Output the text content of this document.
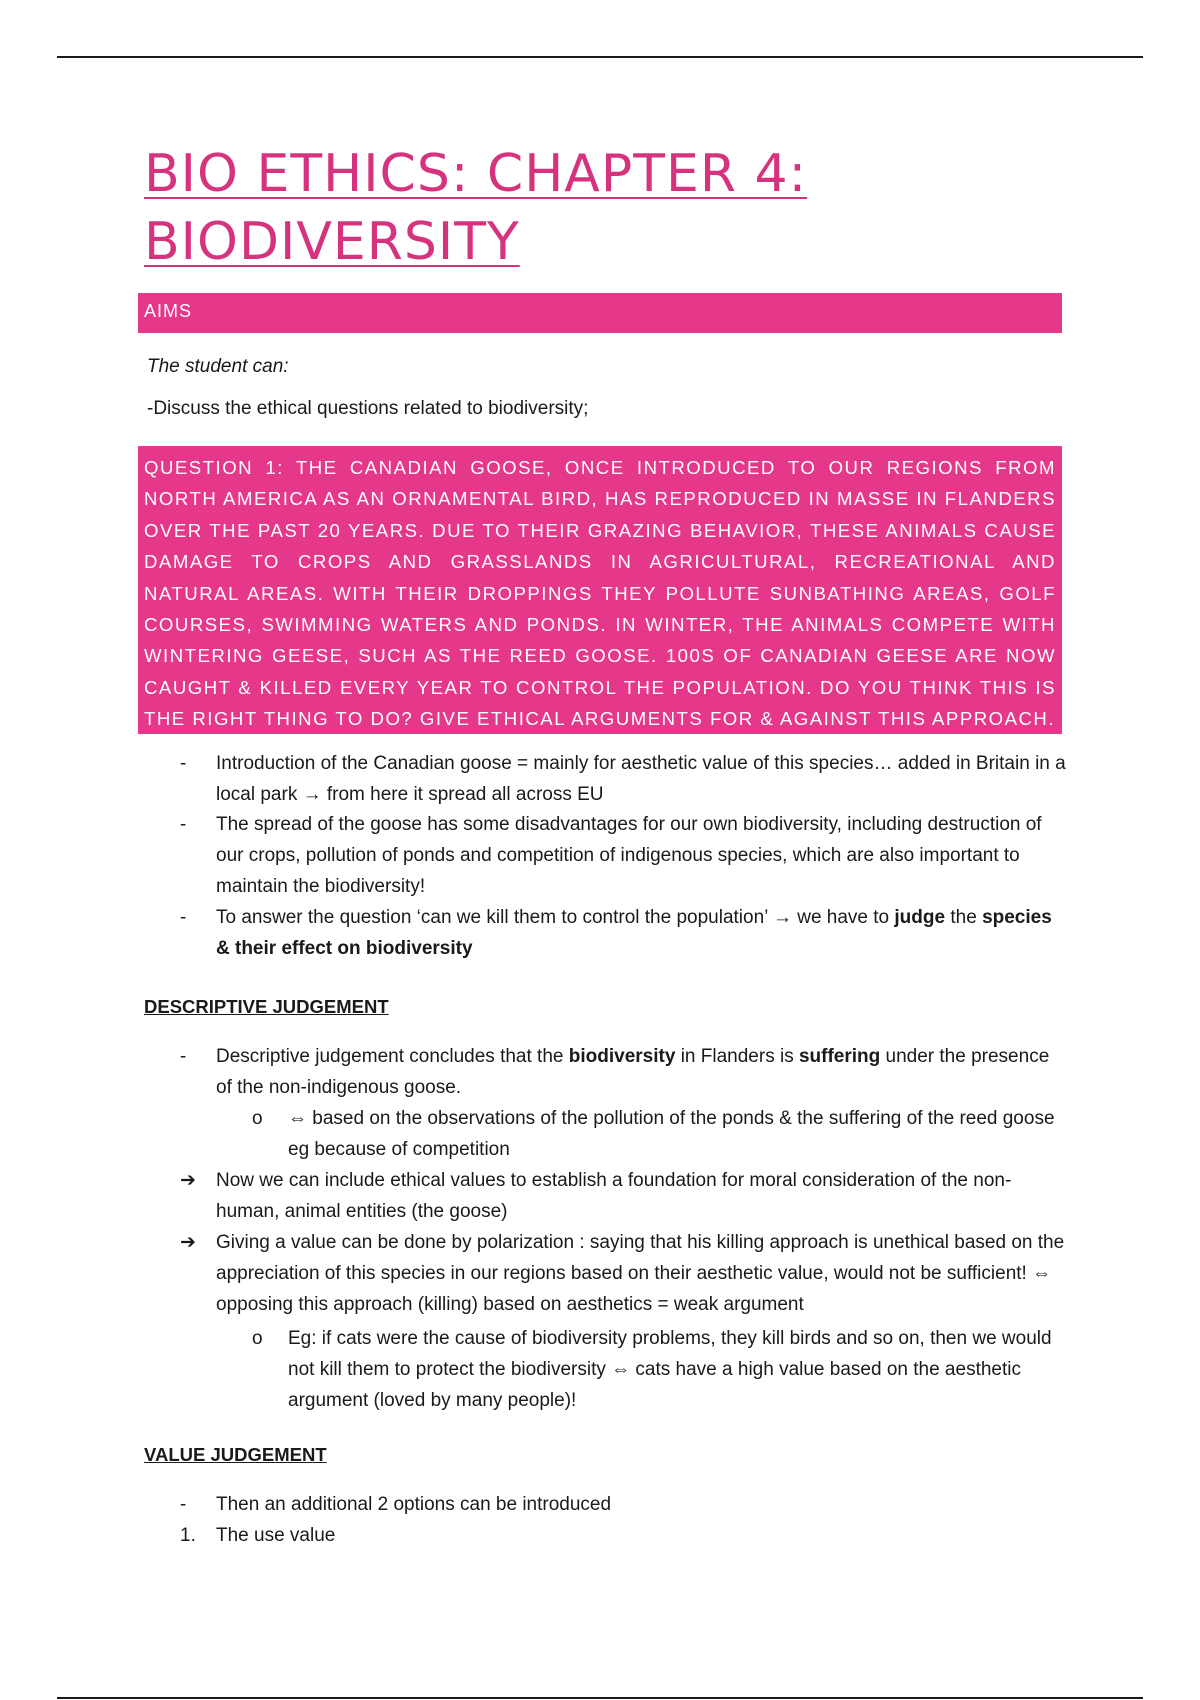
BIO ETHICS: CHAPTER 4:
BIODIVERSITY
AIMS
The student can:
-Discuss the ethical questions related to biodiversity;
QUESTION 1: THE CANADIAN GOOSE, ONCE INTRODUCED TO OUR REGIONS FROM NORTH AMERICA AS AN ORNAMENTAL BIRD, HAS REPRODUCED IN MASSE IN FLANDERS OVER THE PAST 20 YEARS. DUE TO THEIR GRAZING BEHAVIOR, THESE ANIMALS CAUSE DAMAGE TO CROPS AND GRASSLANDS IN AGRICULTURAL, RECREATIONAL AND NATURAL AREAS. WITH THEIR DROPPINGS THEY POLLUTE SUNBATHING AREAS, GOLF COURSES, SWIMMING WATERS AND PONDS. IN WINTER, THE ANIMALS COMPETE WITH WINTERING GEESE, SUCH AS THE REED GOOSE. 100S OF CANADIAN GEESE ARE NOW CAUGHT & KILLED EVERY YEAR TO CONTROL THE POPULATION. DO YOU THINK THIS IS THE RIGHT THING TO DO? GIVE ETHICAL ARGUMENTS FOR & AGAINST THIS APPROACH.
-	Introduction of the Canadian goose = mainly for aesthetic value of this species… added in Britain in a local park → from here it spread all across EU
-	The spread of the goose has some disadvantages for our own biodiversity, including destruction of our crops, pollution of ponds and competition of indigenous species, which are also important to maintain the biodiversity!
-	To answer the question ‘can we kill them to control the population’ → we have to judge the species & their effect on biodiversity
DESCRIPTIVE JUDGEMENT
-	Descriptive judgement concludes that the biodiversity in Flanders is suffering under the presence of the non-indigenous goose.
o	⇔ based on the observations of the pollution of the ponds & the suffering of the reed goose eg because of competition
➔	Now we can include ethical values to establish a foundation for moral consideration of the non-human, animal entities (the goose)
➔	Giving a value can be done by polarization : saying that his killing approach is unethical based on the appreciation of this species in our regions based on their aesthetic value, would not be sufficient! ⇔ opposing this approach (killing) based on aesthetics = weak argument
o	Eg: if cats were the cause of biodiversity problems, they kill birds and so on, then we would not kill them to protect the biodiversity ⇔ cats have a high value based on the aesthetic argument (loved by many people)!
VALUE JUDGEMENT
-	Then an additional 2 options can be introduced
1.	The use value
